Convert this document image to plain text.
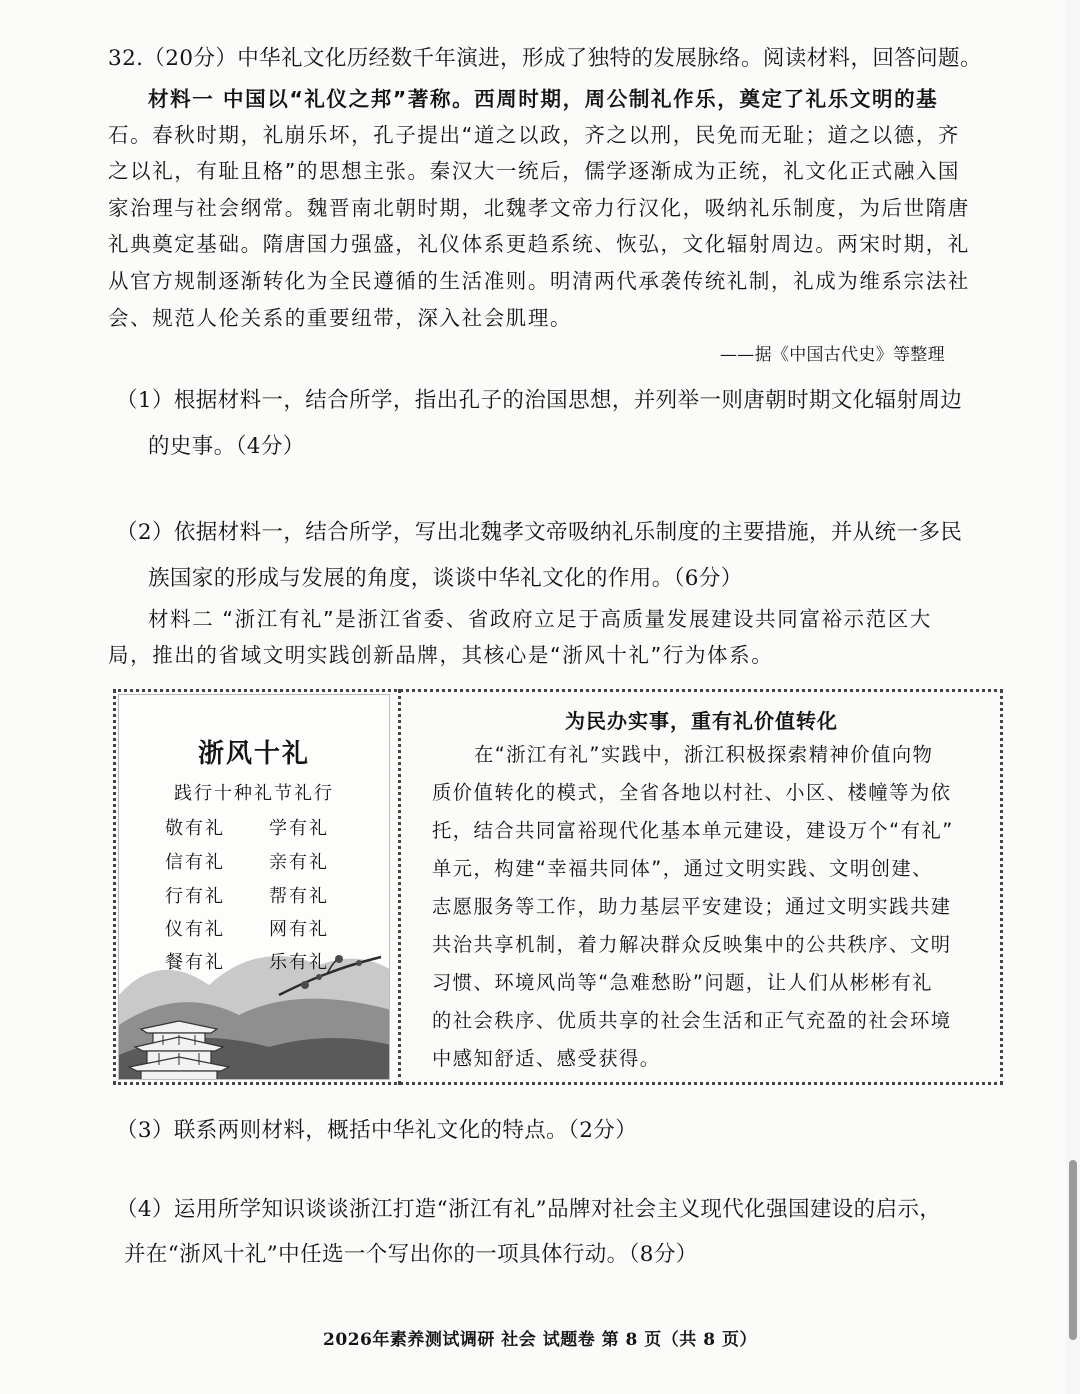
32.（20分）中华礼文化历经数千年演进，形成了独特的发展脉络。阅读材料，回答问题。
材料一 中国以“礼仪之邦”著称。西周时期，周公制礼作乐，奠定了礼乐文明的基
石。春秋时期，礼崩乐坏，孔子提出“道之以政，齐之以刑，民免而无耻；道之以德，齐
之以礼，有耻且格”的思想主张。秦汉大一统后，儒学逐渐成为正统，礼文化正式融入国
家治理与社会纲常。魏晋南北朝时期，北魏孝文帝力行汉化，吸纳礼乐制度，为后世隋唐
礼典奠定基础。隋唐国力强盛，礼仪体系更趋系统、恢弘，文化辐射周边。两宋时期，礼
从官方规制逐渐转化为全民遵循的生活准则。明清两代承袭传统礼制，礼成为维系宗法社
会、规范人伦关系的重要纽带，深入社会肌理。
——据《中国古代史》等整理
（1）根据材料一，结合所学，指出孔子的治国思想，并列举一则唐朝时期文化辐射周边
的史事。（4分）
（2）依据材料一，结合所学，写出北魏孝文帝吸纳礼乐制度的主要措施，并从统一多民
族国家的形成与发展的角度，谈谈中华礼文化的作用。（6分）
材料二 “浙江有礼”是浙江省委、省政府立足于高质量发展建设共同富裕示范区大
局，推出的省域文明实践创新品牌，其核心是“浙风十礼”行为体系。
浙风十礼
践行十种礼节礼行
敬有礼 学有礼
信有礼 亲有礼
行有礼 帮有礼
仪有礼 网有礼
餐有礼 乐有礼
为民办实事，重有礼价值转化
在“浙江有礼”实践中，浙江积极探索精神价值向物
质价值转化的模式，全省各地以村社、小区、楼幢等为依
托，结合共同富裕现代化基本单元建设，建设万个“有礼”
单元，构建“幸福共同体”，通过文明实践、文明创建、
志愿服务等工作，助力基层平安建设；通过文明实践共建
共治共享机制，着力解决群众反映集中的公共秩序、文明
习惯、环境风尚等“急难愁盼”问题，让人们从彬彬有礼
的社会秩序、优质共享的社会生活和正气充盈的社会环境
中感知舒适、感受获得。
（3）联系两则材料，概括中华礼文化的特点。（2分）
（4）运用所学知识谈谈浙江打造“浙江有礼”品牌对社会主义现代化强国建设的启示，
并在“浙风十礼”中任选一个写出你的一项具体行动。（8分）
2026年素养测试调研 社会 试题卷 第 8 页（共 8 页）
